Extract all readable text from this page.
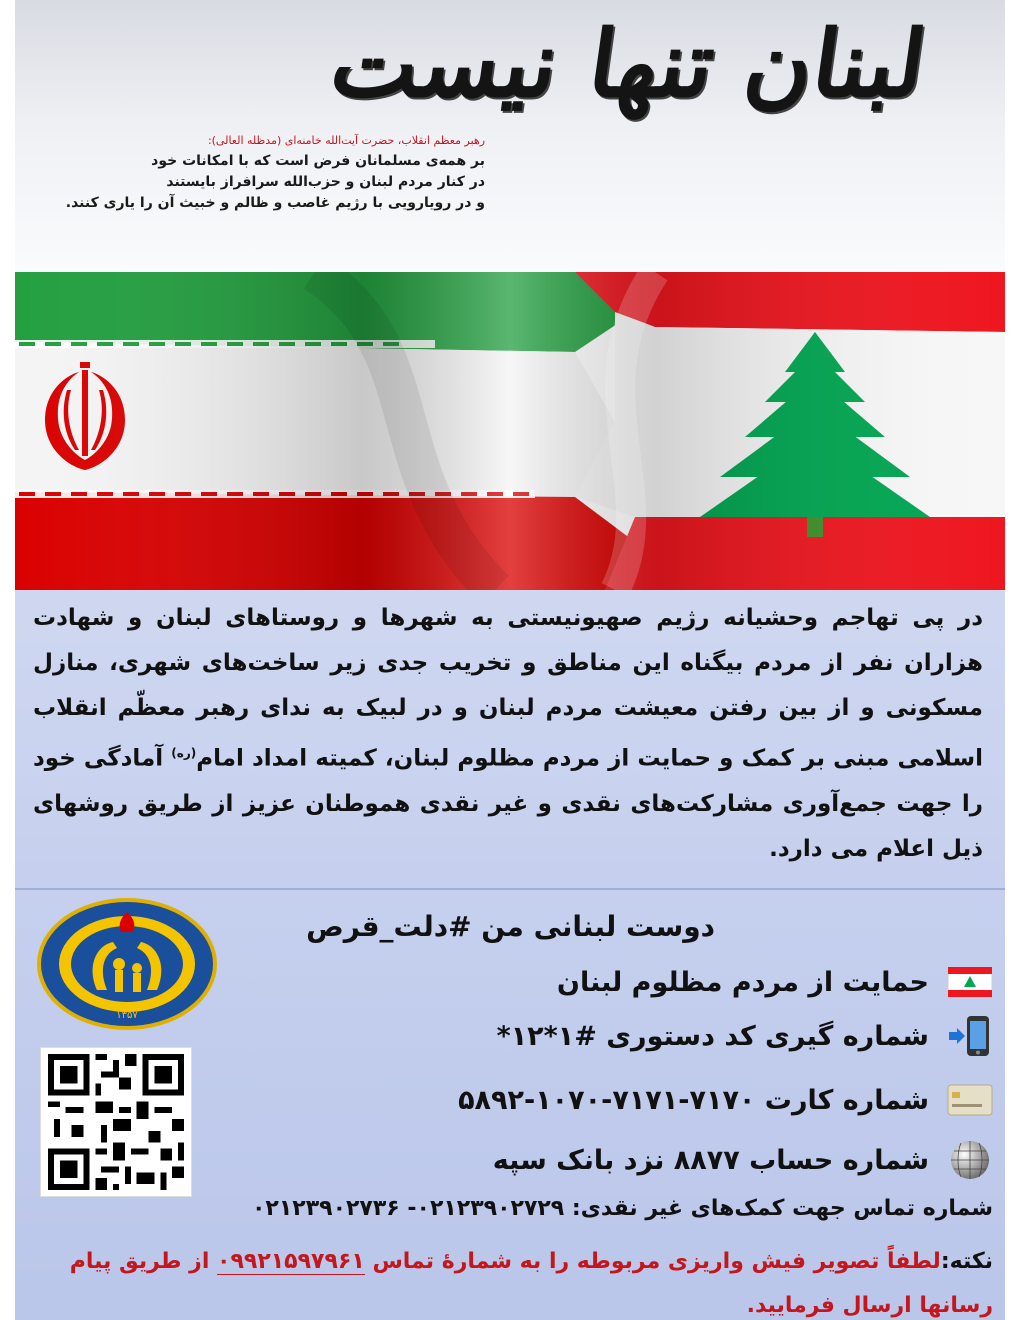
لبنان تنها نیست
رهبر معظم انقلاب، حضرت آیت‌الله خامنه‌ای (مدظله العالی):
بر همه‌ی مسلمانان فرض است که با امکانات خود
در کنار مردم لبنان و حزب‌الله سرافراز بایستند
و در رویارویی با رژیم غاصب و ظالم و خبیث آن را یاری کنند.
در پی تهاجم وحشیانه رژیم صهیونیستی به شهرها و روستاهای لبنان و شهادت هزاران نفر از مردم بیگناه این مناطق و تخریب جدی زیر ساخت‌های شهری، منازل مسکونی و از بین رفتن معیشت مردم لبنان و در لبیک به ندای رهبر معظّم انقلاب اسلامی مبنی بر کمک و حمایت از مردم مظلوم لبنان، کمیته امداد امام$^{(ره)}$ آمادگی خود را جهت جمع‌آوری مشارکت‌های نقدی و غیر نقدی هموطنان عزیز از طریق روشهای ذیل اعلام می دارد.
۱۳۵۷
دوست لبنانی من #دلت_قرص
حمایت از مردم مظلوم لبنان
شماره گیری کد دستوری #۱*۱۲*
شماره کارت ۷۱۷۰-۷۱۷۱-۱۰۷۰-۵۸۹۲
شماره حساب ۸۸۷۷ نزد بانک سپه
شماره تماس جهت کمک‌های غیر نقدی: ۰۲۱۲۳۹۰۲۷۲۹- ۰۲۱۲۳۹۰۲۷۳۶
نکته:لطفاً تصویر فیش واریزی مربوطه را به شمارهٔ تماس ۰۹۹۲۱۵۹۷۹۶۱ از طریق پیام رسانها ارسال فرمایید.
